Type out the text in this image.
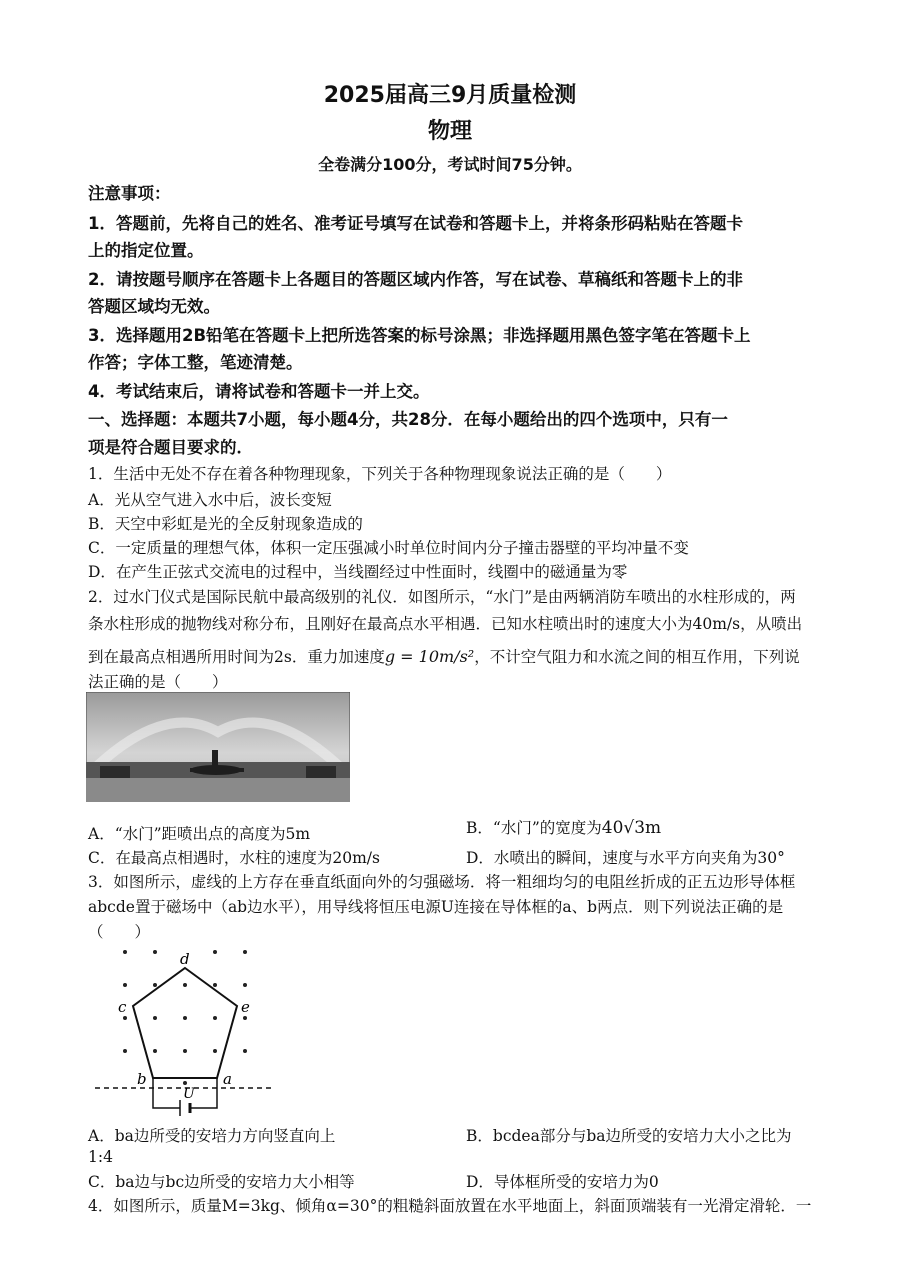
2025届高三9月质量检测
物理
全卷满分100分，考试时间75分钟。
注意事项：
1．答题前，先将自己的姓名、准考证号填写在试卷和答题卡上，并将条形码粘贴在答题卡
上的指定位置。
2．请按题号顺序在答题卡上各题目的答题区域内作答，写在试卷、草稿纸和答题卡上的非
答题区域均无效。
3．选择题用2B铅笔在答题卡上把所选答案的标号涂黑；非选择题用黑色签字笔在答题卡上
作答；字体工整，笔迹清楚。
4．考试结束后，请将试卷和答题卡一并上交。
一、选择题：本题共7小题，每小题4分，共28分．在每小题给出的四个选项中，只有一
项是符合题目要求的．
1．生活中无处不存在着各种物理现象，下列关于各种物理现象说法正确的是（　　）
A．光从空气进入水中后，波长变短
B．天空中彩虹是光的全反射现象造成的
C．一定质量的理想气体，体积一定压强减小时单位时间内分子撞击器壁的平均冲量不变
D．在产生正弦式交流电的过程中，当线圈经过中性面时，线圈中的磁通量为零
2．过水门仪式是国际民航中最高级别的礼仪．如图所示，“水门”是由两辆消防车喷出的水柱形成的，两
条水柱形成的抛物线对称分布，且刚好在最高点水平相遇．已知水柱喷出时的速度大小为40m/s，从喷出
到在最高点相遇所用时间为2s．重力加速度g = 10m/s²，不计空气阻力和水流之间的相互作用，下列说
法正确的是（　　）
A．“水门”距喷出点的高度为5m	B．“水门”的宽度为40√3m
C．在最高点相遇时，水柱的速度为20m/s	D．水喷出的瞬间，速度与水平方向夹角为30°
3．如图所示，虚线的上方存在垂直纸面向外的匀强磁场．将一粗细均匀的电阻丝折成的正五边形导体框
abcde置于磁场中（ab边水平），用导线将恒压电源U连接在导体框的a、b两点．则下列说法正确的是
（　　）
d
e
c
b	a
U
A．ba边所受的安培力方向竖直向上	B．bcdea部分与ba边所受的安培力大小之比为
1:4
C．ba边与bc边所受的安培力大小相等	D．导体框所受的安培力为0
4．如图所示，质量M=3kg、倾角α=30°的粗糙斜面放置在水平地面上，斜面顶端装有一光滑定滑轮．一
